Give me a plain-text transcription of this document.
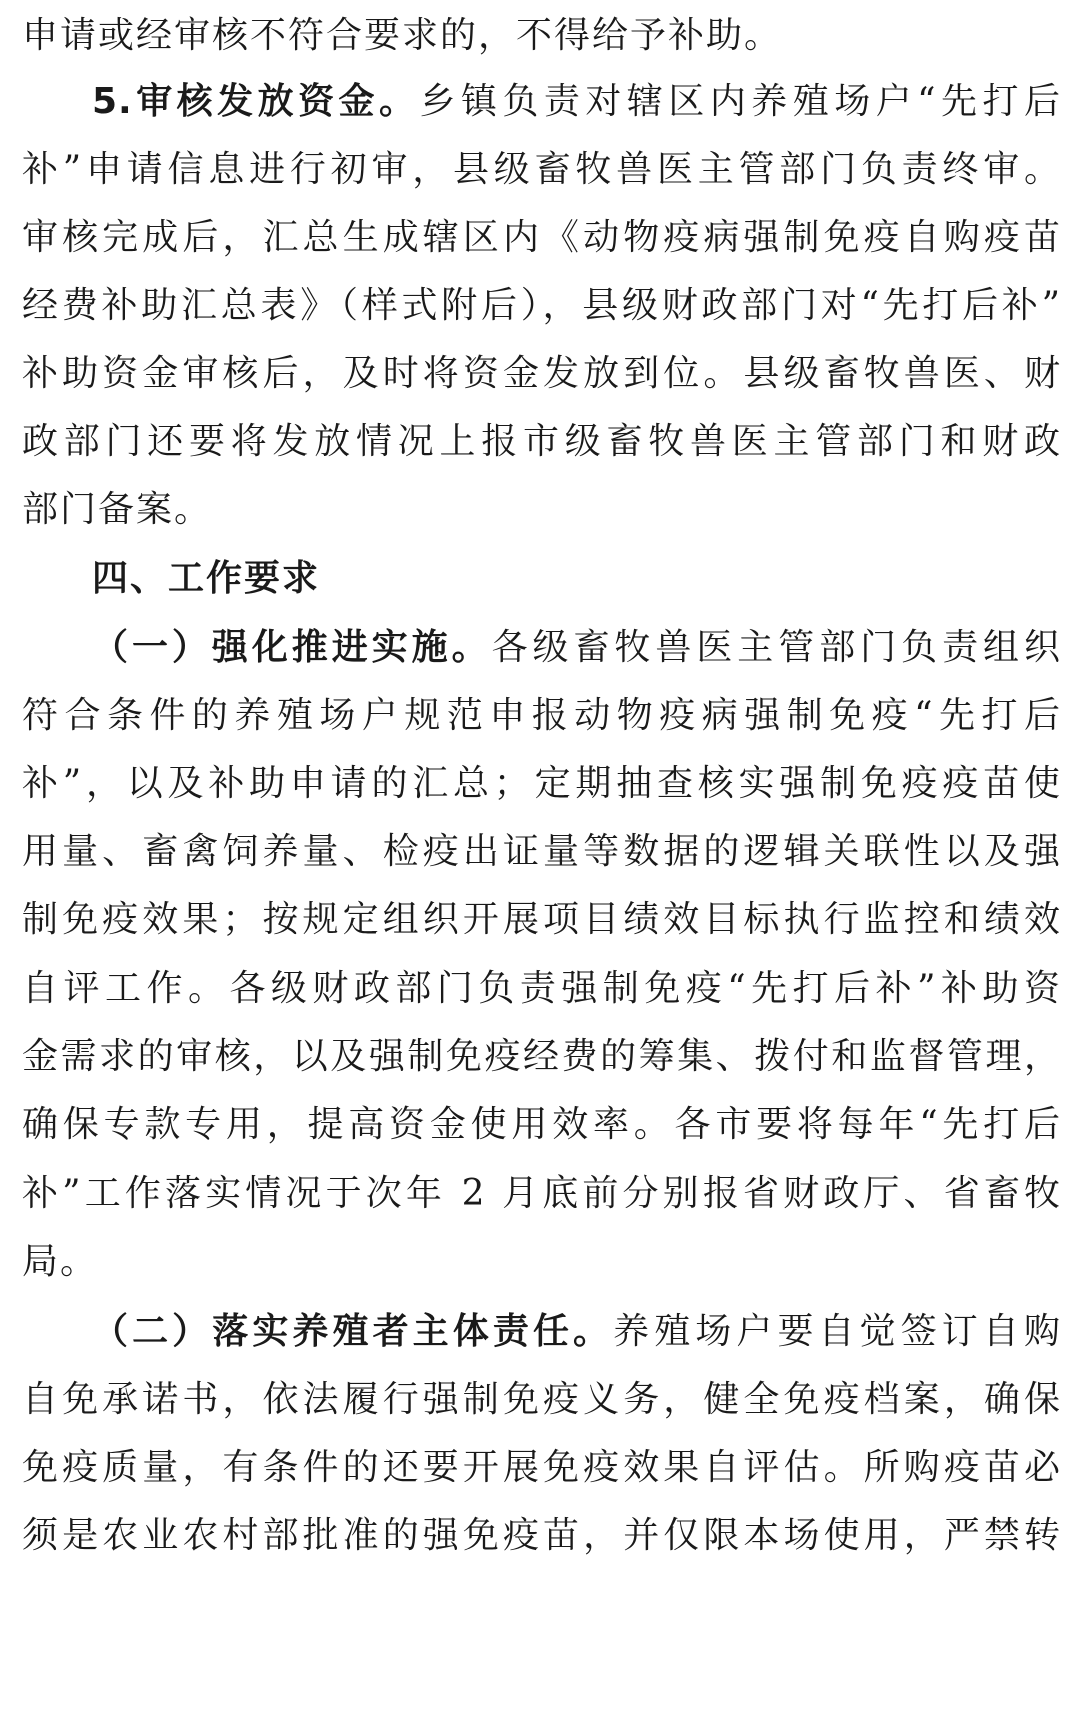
申请或经审核不符合要求的，不得给予补助。
5.审核发放资金。乡镇负责对辖区内养殖场户“先打后
补”申请信息进行初审，县级畜牧兽医主管部门负责终审。
审核完成后，汇总生成辖区内《动物疫病强制免疫自购疫苗
经费补助汇总表》（样式附后），县级财政部门对“先打后补”
补助资金审核后，及时将资金发放到位。县级畜牧兽医、财
政部门还要将发放情况上报市级畜牧兽医主管部门和财政
部门备案。
四、工作要求
（一）强化推进实施。各级畜牧兽医主管部门负责组织
符合条件的养殖场户规范申报动物疫病强制免疫“先打后
补”，以及补助申请的汇总；定期抽查核实强制免疫疫苗使
用量、畜禽饲养量、检疫出证量等数据的逻辑关联性以及强
制免疫效果；按规定组织开展项目绩效目标执行监控和绩效
自评工作。各级财政部门负责强制免疫“先打后补”补助资
金需求的审核，以及强制免疫经费的筹集、拨付和监督管理，
确保专款专用，提高资金使用效率。各市要将每年“先打后
补”工作落实情况于次年 2 月底前分别报省财政厅、省畜牧
局。
（二）落实养殖者主体责任。养殖场户要自觉签订自购
自免承诺书，依法履行强制免疫义务，健全免疫档案，确保
免疫质量，有条件的还要开展免疫效果自评估。所购疫苗必
须是农业农村部批准的强免疫苗，并仅限本场使用，严禁转
